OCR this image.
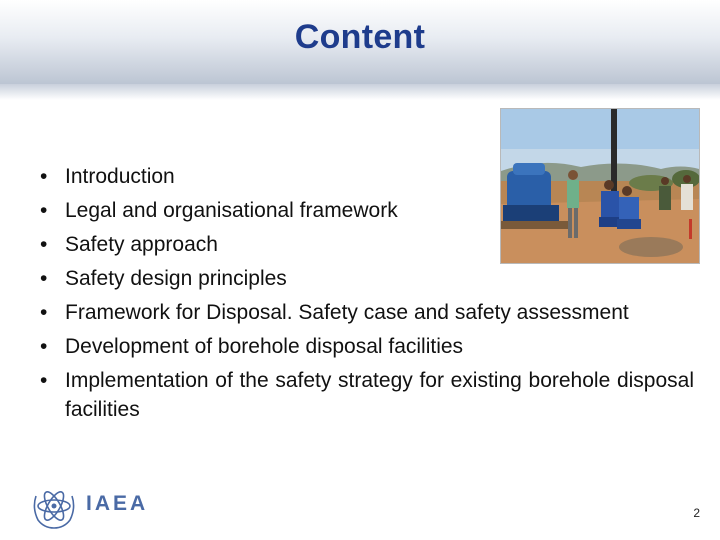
Content
• Introduction
• Legal and organisational framework
• Safety approach
• Safety design principles
• Framework for Disposal. Safety case and safety assessment
• Development of borehole disposal facilities
• Implementation of the safety strategy for existing borehole disposal facilities
IAEA	2
